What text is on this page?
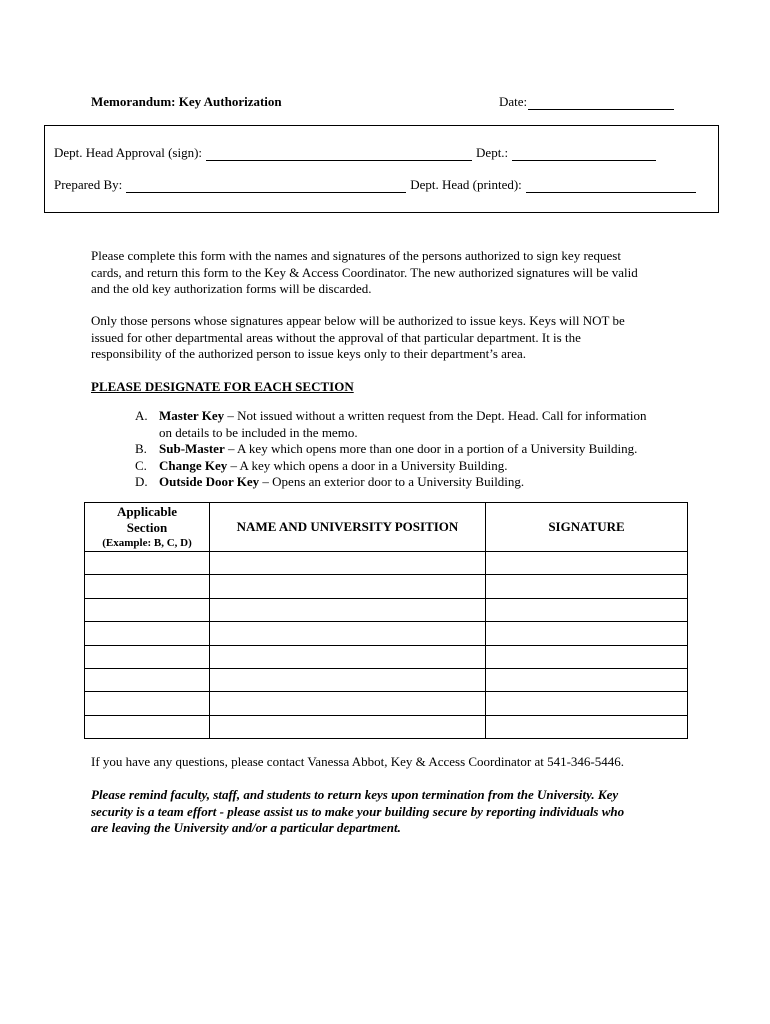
Memorandum: Key Authorization	Date:
Dept. Head Approval (sign):	Dept.:
Prepared By:	Dept. Head (printed):
Please complete this form with the names and signatures of the persons authorized to sign key request
cards, and return this form to the Key & Access Coordinator. The new authorized signatures will be valid
and the old key authorization forms will be discarded.
Only those persons whose signatures appear below will be authorized to issue keys. Keys will NOT be
issued for other departmental areas without the approval of that particular department. It is the
responsibility of the authorized person to issue keys only to their department’s area.
PLEASE DESIGNATE FOR EACH SECTION
A. Master Key – Not issued without a written request from the Dept. Head. Call for information
on details to be included in the memo.
B. Sub-Master – A key which opens more than one door in a portion of a University Building.
C. Change Key – A key which opens a door in a University Building.
D. Outside Door Key – Opens an exterior door to a University Building.
Applicable
Section
(Example: B, C, D)	NAME AND UNIVERSITY POSITION	SIGNATURE

If you have any questions, please contact Vanessa Abbot, Key & Access Coordinator at 541-346-5446.
Please remind faculty, staff, and students to return keys upon termination from the University. Key
security is a team effort - please assist us to make your building secure by reporting individuals who
are leaving the University and/or a particular department.
